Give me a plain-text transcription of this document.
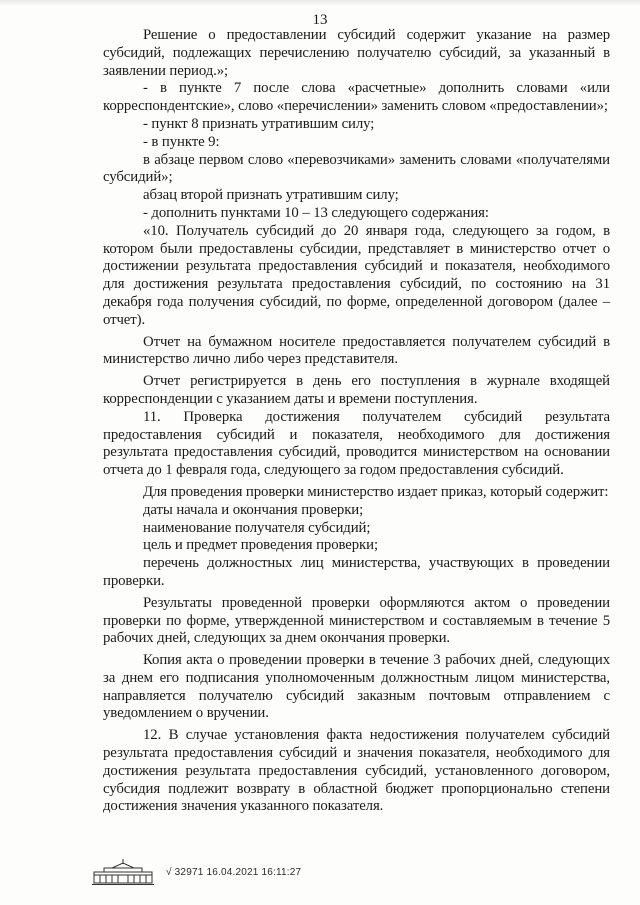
13

Решение о предоставлении субсидий содержит указание на размер субсидий, подлежащих перечислению получателю субсидий, за указанный в заявлении период.»;

- в пункте 7 после слова «расчетные» дополнить словами «или корреспондентские», слово «перечислении» заменить словом «предоставлении»;

- пункт 8 признать утратившим силу;

- в пункте 9:

в абзаце первом слово «перевозчиками» заменить словами «получателями субсидий»;

абзац второй признать утратившим силу;

- дополнить пунктами 10 – 13 следующего содержания:

«10. Получатель субсидий до 20 января года, следующего за годом, в котором были предоставлены субсидии, представляет в министерство отчет о достижении результата предоставления субсидий и показателя, необходимого для достижения результата предоставления субсидий, по состоянию на 31 декабря года получения субсидий, по форме, определенной договором (далее – отчет).

Отчет на бумажном носителе предоставляется получателем субсидий в министерство лично либо через представителя.

Отчет регистрируется в день его поступления в журнале входящей корреспонденции с указанием даты и времени поступления.

11. Проверка достижения получателем субсидий результата предоставления субсидий и показателя, необходимого для достижения результата предоставления субсидий, проводится министерством на основании отчета до 1 февраля года, следующего за годом предоставления субсидий.

Для проведения проверки министерство издает приказ, который содержит:

даты начала и окончания проверки;

наименование получателя субсидий;

цель и предмет проведения проверки;

перечень должностных лиц министерства, участвующих в проведении проверки.

Результаты проведенной проверки оформляются актом о проведении проверки по форме, утвержденной министерством и составляемым в течение 5 рабочих дней, следующих за днем окончания проверки.

Копия акта о проведении проверки в течение 3 рабочих дней, следующих за днем его подписания уполномоченным должностным лицом министерства, направляется получателю субсидий заказным почтовым отправлением с уведомлением о вручении.

12. В случае установления факта недостижения получателем субсидий результата предоставления субсидий и значения показателя, необходимого для достижения результата предоставления субсидий, установленного договором, субсидия подлежит возврату в областной бюджет пропорционально степени достижения значения указанного показателя.

√ 32971 16.04.2021 16:11:27
